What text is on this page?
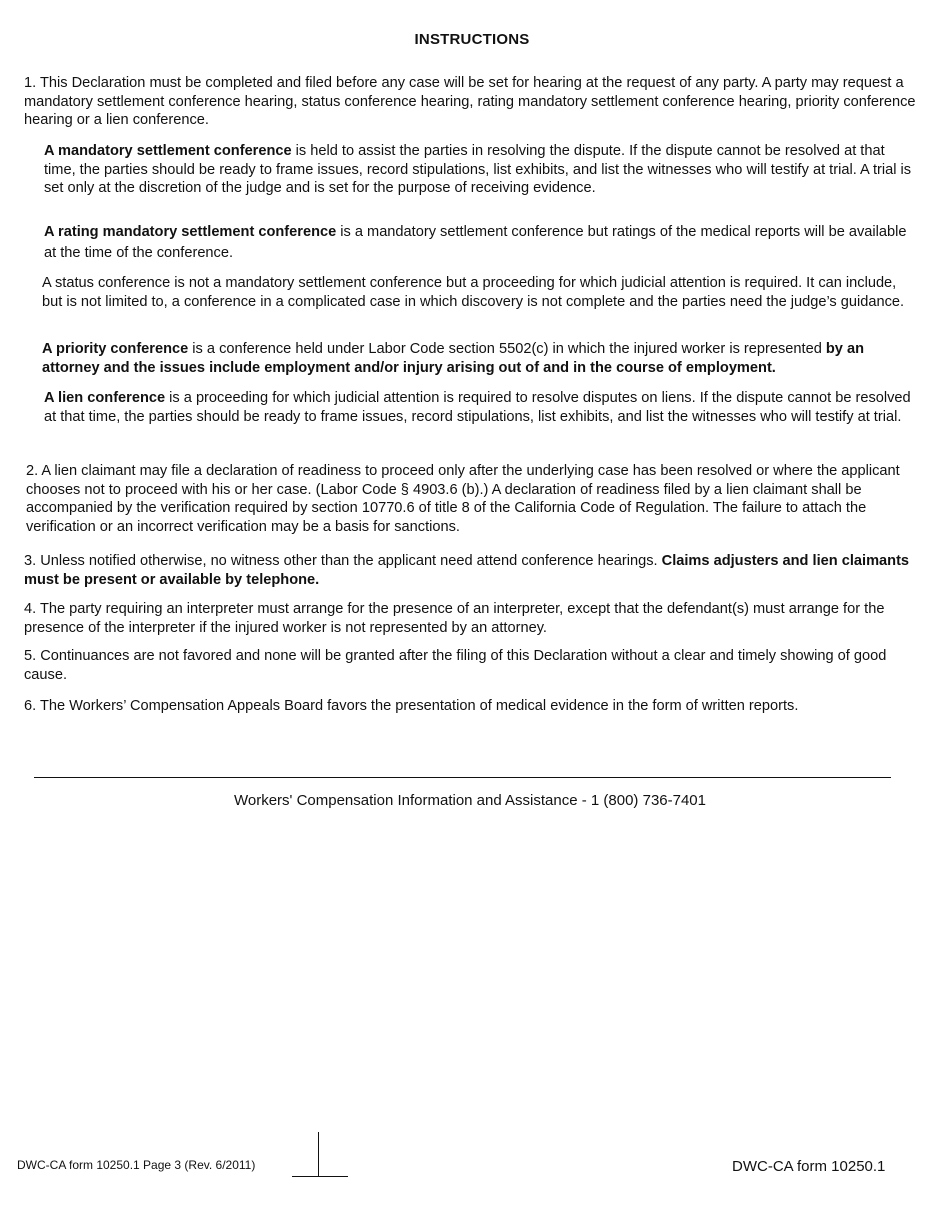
INSTRUCTIONS
1. This Declaration must be completed and filed before any case will be set for hearing at the request of any party. A party may request a mandatory settlement conference hearing, status conference hearing, rating mandatory settlement conference hearing, priority conference hearing or a lien conference.
A mandatory settlement conference is held to assist the parties in resolving the dispute. If the dispute cannot be resolved at that time, the parties should be ready to frame issues, record stipulations, list exhibits, and list the witnesses who will testify at trial. A trial is set only at the discretion of the judge and is set for the purpose of receiving evidence.
A rating mandatory settlement conference is a mandatory settlement conference but ratings of the medical reports will be available at the time of the conference.
A status conference is not a mandatory settlement conference but a proceeding for which judicial attention is required. It can include, but is not limited to, a conference in a complicated case in which discovery is not complete and the parties need the judge’s guidance.
A priority conference is a conference held under Labor Code section 5502(c) in which the injured worker is represented by an attorney and the issues include employment and/or injury arising out of and in the course of employment.
A lien conference is a proceeding for which judicial attention is required to resolve disputes on liens. If the dispute cannot be resolved at that time, the parties should be ready to frame issues, record stipulations, list exhibits, and list the witnesses who will testify at trial.
2. A lien claimant may file a declaration of readiness to proceed only after the underlying case has been resolved or where the applicant chooses not to proceed with his or her case. (Labor Code § 4903.6 (b).) A declaration of readiness filed by a lien claimant shall be accompanied by the verification required by section 10770.6 of title 8 of the California Code of Regulation. The failure to attach the verification or an incorrect verification may be a basis for sanctions.
3. Unless notified otherwise, no witness other than the applicant need attend conference hearings. Claims adjusters and lien claimants must be present or available by telephone.
4. The party requiring an interpreter must arrange for the presence of an interpreter, except that the defendant(s) must arrange for the presence of the interpreter if the injured worker is not represented by an attorney.
5. Continuances are not favored and none will be granted after the filing of this Declaration without a clear and timely showing of good cause.
6. The Workers’ Compensation Appeals Board favors the presentation of medical evidence in the form of written reports.
Workers' Compensation Information and Assistance - 1 (800) 736-7401
DWC-CA form 10250.1 Page 3 (Rev. 6/2011)	DWC-CA form 10250.1
